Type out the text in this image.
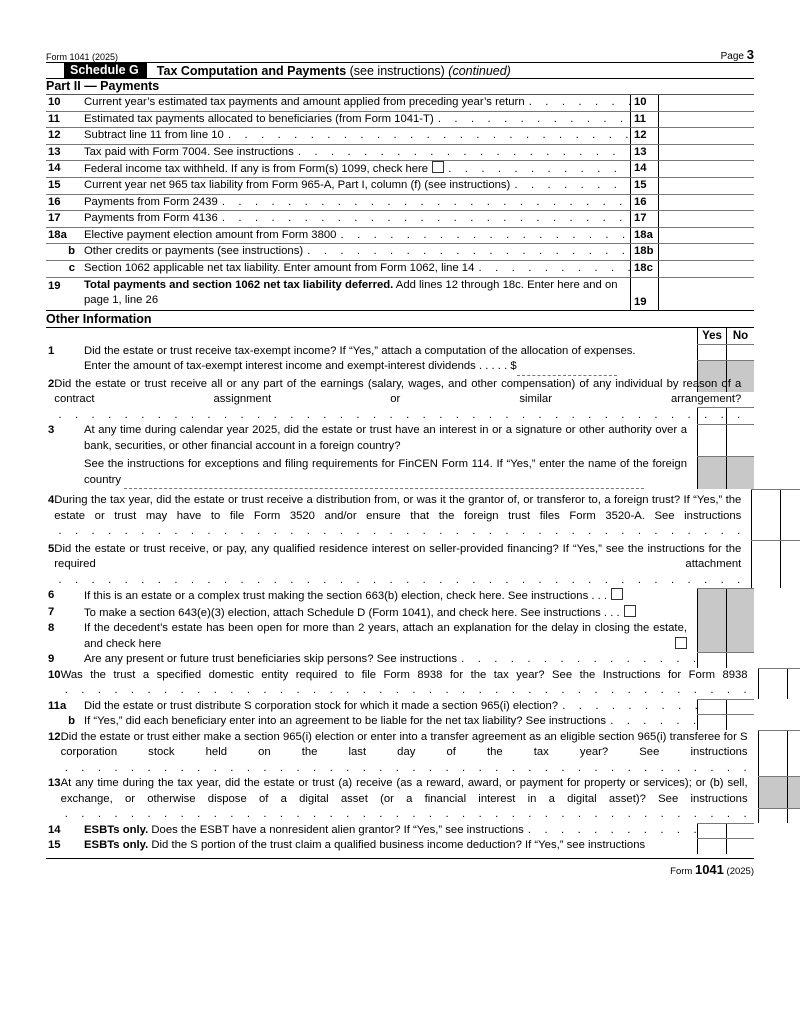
Form 1041 (2025)	Page 3
Schedule G	Tax Computation and Payments (see instructions) (continued)
Part II — Payments
10	Current year’s estimated tax payments and amount applied from preceding year’s return . .	10
11	Estimated tax payments allocated to beneficiaries (from Form 1041-T) . .	11
12	Subtract line 11 from line 10 . .	12
13	Tax paid with Form 7004. See instructions . .	13
14	Federal income tax withheld. If any is from Form(s) 1099, check here . .	14
15	Current year net 965 tax liability from Form 965-A, Part I, column (f) (see instructions) . .	15
16	Payments from Form 2439 . .	16
17	Payments from Form 4136 . .	17
18a	Elective payment election amount from Form 3800 . .	18a
b Other credits or payments (see instructions) . .	18b
c Section 1062 applicable net tax liability. Enter amount from Form 1062, line 14 . .	18c
19	Total payments and section 1062 net tax liability deferred. Add lines 12 through 18c. Enter here and on page 1, line 26	19
Other Information
Yes No
1	Did the estate or trust receive tax-exempt income? If “Yes,” attach a computation of the allocation of expenses.
Enter the amount of tax-exempt interest income and exempt-interest dividends . . . . . $
2 Did the estate or trust receive all or any part of the earnings (salary, wages, and other compensation) of any individual by reason of a contract assignment or similar arrangement? . .
3	At any time during calendar year 2025, did the estate or trust have an interest in or a signature or other authority over a bank, securities, or other financial account in a foreign country?
See the instructions for exceptions and filing requirements for FinCEN Form 114. If “Yes,” enter the name of the foreign country
4 During the tax year, did the estate or trust receive a distribution from, or was it the grantor of, or transferor to, a foreign trust? If “Yes,” the estate or trust may have to file Form 3520 and/or ensure that the foreign trust files Form 3520-A. See instructions . .
5 Did the estate or trust receive, or pay, any qualified residence interest on seller-provided financing? If “Yes,” see the instructions for the required attachment . .
6	If this is an estate or a complex trust making the section 663(b) election, check here. See instructions . . .
7	To make a section 643(e)(3) election, attach Schedule D (Form 1041), and check here. See instructions . . .
8	If the decedent’s estate has been open for more than 2 years, attach an explanation for the delay in closing the estate, and check here
9	Are any present or future trust beneficiaries skip persons? See instructions . .
10 Was the trust a specified domestic entity required to file Form 8938 for the tax year? See the Instructions for Form 8938 . .
11a	Did the estate or trust distribute S corporation stock for which it made a section 965(i) election? . .
b If “Yes,” did each beneficiary enter into an agreement to be liable for the net tax liability? See instructions . .
12 Did the estate or trust either make a section 965(i) election or enter into a transfer agreement as an eligible section 965(i) transferee for S corporation stock held on the last day of the tax year? See instructions . .
13 At any time during the tax year, did the estate or trust (a) receive (as a reward, award, or payment for property or services); or (b) sell, exchange, or otherwise dispose of a digital asset (or a financial interest in a digital asset)? See instructions . .
14	ESBTs only. Does the ESBT have a nonresident alien grantor? If “Yes,” see instructions . .
15	ESBTs only. Did the S portion of the trust claim a qualified business income deduction? If “Yes,” see instructions
Form 1041 (2025)
